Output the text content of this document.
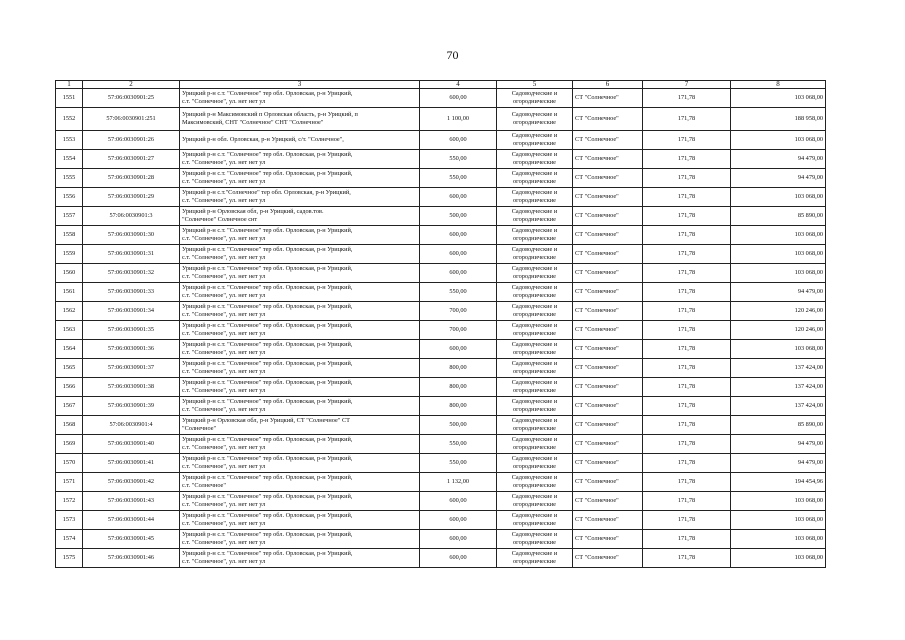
70
1	2	3	4	5	6	7	8
1551	57:06:0030901:25	Урицкий р-н с.т. "Солнечное" тер обл. Орловская, р-н Урицкий,
с.т. "Солнечное", ул. нет нет ул	600,00	Садоводческие и
огороднические	СТ "Солнечное"	171,78	103 068,00
1552	57:06:0030901:251	Урицкий р-н Максимовский п Орловская область, р-н Урицкий, п
Максимовский, СНТ "Солнечное" СНТ "Солнечное"	1 100,00	Садоводческие и
огороднические	СТ "Солнечное"	171,78	188 958,00
1553	57:06:0030901:26	Урицкий р-н обл. Орловская, р-н Урицкий, с/т. "Солнечное",	600,00	Садоводческие и
огороднические	СТ "Солнечное"	171,78	103 068,00
1554	57:06:0030901:27	Урицкий р-н с.т. "Солнечное" тер обл. Орловская, р-н Урицкий,
с.т. "Солнечное", ул. нет нет ул	550,00	Садоводческие и
огороднические	СТ "Солнечное"	171,78	94 479,00
1555	57:06:0030901:28	Урицкий р-н с.т. "Солнечное" тер обл. Орловская, р-н Урицкий,
с.т. "Солнечное", ул. нет нет ул	550,00	Садоводческие и
огороднические	СТ "Солнечное"	171,78	94 479,00
1556	57:06:0030901:29	Урицкий р-н с.т."Солнечное" тер обл. Орловская, р-н Урицкий,
с.т. "Солнечное", ул. нет нет ул	600,00	Садоводческие и
огороднические	СТ "Солнечное"	171,78	103 068,00
1557	57:06:0030901:3	Урицкий р-н Орловская обл, р-н Урицкий, садов.тов.
"Солнечное" Солнечное снт	500,00	Садоводческие и
огороднические	СТ "Солнечное"	171,78	85 890,00
1558	57:06:0030901:30	Урицкий р-н с.т. "Солнечное" тер обл. Орловская, р-н Урицкий,
с.т. "Солнечное", ул. нет нет ул	600,00	Садоводческие и
огороднические	СТ "Солнечное"	171,78	103 068,00
1559	57:06:0030901:31	Урицкий р-н с.т. "Солнечное" тер обл. Орловская, р-н Урицкий,
с.т. "Солнечное", ул. нет нет ул	600,00	Садоводческие и
огороднические	СТ "Солнечное"	171,78	103 068,00
1560	57:06:0030901:32	Урицкий р-н с.т. "Солнечное" тер обл. Орловская, р-н Урицкий,
с.т. "Солнечное", ул. нет нет ул	600,00	Садоводческие и
огороднические	СТ "Солнечное"	171,78	103 068,00
1561	57:06:0030901:33	Урицкий р-н с.т. "Солнечное" тер обл. Орловская, р-н Урицкий,
с.т. "Солнечное", ул. нет нет ул	550,00	Садоводческие и
огороднические	СТ "Солнечное"	171,78	94 479,00
1562	57:06:0030901:34	Урицкий р-н с.т. "Солнечное" тер обл. Орловская, р-н Урицкий,
с.т. "Солнечное", ул. нет нет ул	700,00	Садоводческие и
огороднические	СТ "Солнечное"	171,78	120 246,00
1563	57:06:0030901:35	Урицкий р-н с.т. "Солнечное" тер обл. Орловская, р-н Урицкий,
с.т. "Солнечное", ул. нет нет ул	700,00	Садоводческие и
огороднические	СТ "Солнечное"	171,78	120 246,00
1564	57:06:0030901:36	Урицкий р-н с.т. "Солнечное" тер обл. Орловская, р-н Урицкий,
с.т. "Солнечное", ул. нет нет ул	600,00	Садоводческие и
огороднические	СТ "Солнечное"	171,78	103 068,00
1565	57:06:0030901:37	Урицкий р-н с.т. "Солнечное" тер обл. Орловская, р-н Урицкий,
с.т. "Солнечное", ул. нет нет ул	800,00	Садоводческие и
огороднические	СТ "Солнечное"	171,78	137 424,00
1566	57:06:0030901:38	Урицкий р-н с.т. "Солнечное" тер обл. Орловская, р-н Урицкий,
с.т. "Солнечное", ул. нет нет ул	800,00	Садоводческие и
огороднические	СТ "Солнечное"	171,78	137 424,00
1567	57:06:0030901:39	Урицкий р-н с.т. "Солнечное" тер обл. Орловская, р-н Урицкий,
с.т. "Солнечное", ул. нет нет ул	800,00	Садоводческие и
огороднические	СТ "Солнечное"	171,78	137 424,00
1568	57:06:0030901:4	Урицкий р-н Орловская обл, р-н Урицкий, СТ "Солнечное" СТ
"Солнечное"	500,00	Садоводческие и
огороднические	СТ "Солнечное"	171,78	85 890,00
1569	57:06:0030901:40	Урицкий р-н с.т. "Солнечное" тер обл. Орловская, р-н Урицкий,
с.т. "Солнечное", ул. нет нет ул	550,00	Садоводческие и
огороднические	СТ "Солнечное"	171,78	94 479,00
1570	57:06:0030901:41	Урицкий р-н с.т. "Солнечное" тер обл. Орловская, р-н Урицкий,
с.т. "Солнечное", ул. нет нет ул	550,00	Садоводческие и
огороднические	СТ "Солнечное"	171,78	94 479,00
1571	57:06:0030901:42	Урицкий р-н с.т. "Солнечное" тер обл. Орловская, р-н Урицкий,
с.т. "Солнечное"	1 132,00	Садоводческие и
огороднические	СТ "Солнечное"	171,78	194 454,96
1572	57:06:0030901:43	Урицкий р-н с.т. "Солнечное" тер обл. Орловская, р-н Урицкий,
с.т. "Солнечное", ул. нет нет ул	600,00	Садоводческие и
огороднические	СТ "Солнечное"	171,78	103 068,00
1573	57:06:0030901:44	Урицкий р-н с.т. "Солнечное" тер обл. Орловская, р-н Урицкий,
с.т. "Солнечное", ул. нет нет ул	600,00	Садоводческие и
огороднические	СТ "Солнечное"	171,78	103 068,00
1574	57:06:0030901:45	Урицкий р-н с.т. "Солнечное" тер обл. Орловская, р-н Урицкий,
с.т. "Солнечное", ул. нет нет ул	600,00	Садоводческие и
огороднические	СТ "Солнечное"	171,78	103 068,00
1575	57:06:0030901:46	Урицкий р-н с.т. "Солнечное" тер обл. Орловская, р-н Урицкий,
с.т. "Солнечное", ул. нет нет ул	600,00	Садоводческие и
огороднические	СТ "Солнечное"	171,78	103 068,00
